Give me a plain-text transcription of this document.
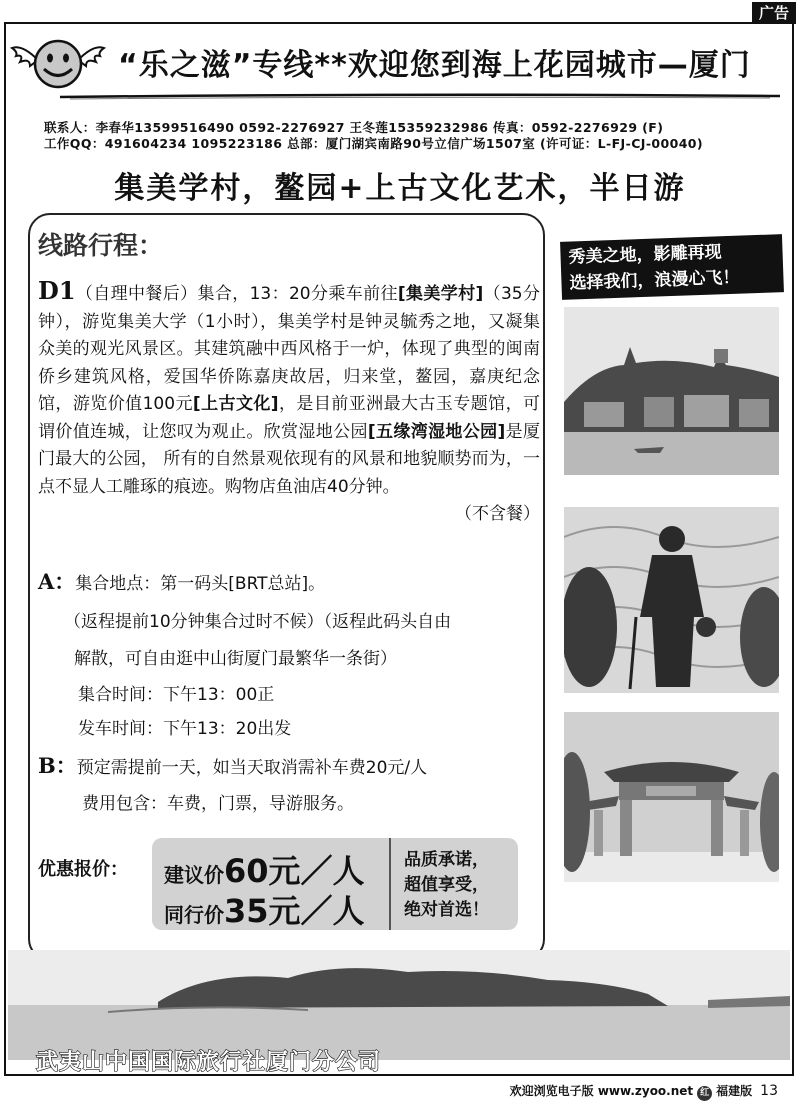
广告
“乐之滋”专线**欢迎您到海上花园城市—厦门
联系人：李春华13599516490 0592-2276927 王冬莲15359232986 传真：0592-2276929 (F)
工作QQ：491604234 1095223186 总部：厦门湖宾南路90号立信广场1507室 (许可证：L-FJ-CJ-00040)
集美学村，鳌园+上古文化艺术，半日游
线路行程：
D1（自理中餐后）集合，13：20分乘车前往[集美学村]（35分钟），游览集美大学（1小时），集美学村是钟灵毓秀之地，又凝集众美的观光风景区。其建筑融中西风格于一炉，体现了典型的闽南侨乡建筑风格，爱国华侨陈嘉庚故居，归来堂，鳌园，嘉庚纪念馆，游览价值100元[上古文化]，是目前亚洲最大古玉专题馆，可谓价值连城，让您叹为观止。欣赏湿地公园[五缘湾湿地公园]是厦门最大的公园， 所有的自然景观依现有的风景和地貌顺势而为，一点不显人工雕琢的痕迹。购物店鱼油店40分钟。
（不含餐）
A：集合地点：第一码头[BRT总站]。
（返程提前10分钟集合过时不候）（返程此码头自由
解散，可自由逛中山街厦门最繁华一条街）
集合时间：下午13：00正
发车时间：下午13：20出发
B：预定需提前一天，如当天取消需补车费20元/人
费用包含：车费，门票，导游服务。
优惠报价： 建议价60元／人
同行价35元／人
品质承诺，
超值享受，
绝对首选！
秀美之地，影雕再现
选择我们，浪漫心飞！
武夷山中国国际旅行社厦门分公司
欢迎浏览电子版 www.zyoo.net 红 福建版 13
